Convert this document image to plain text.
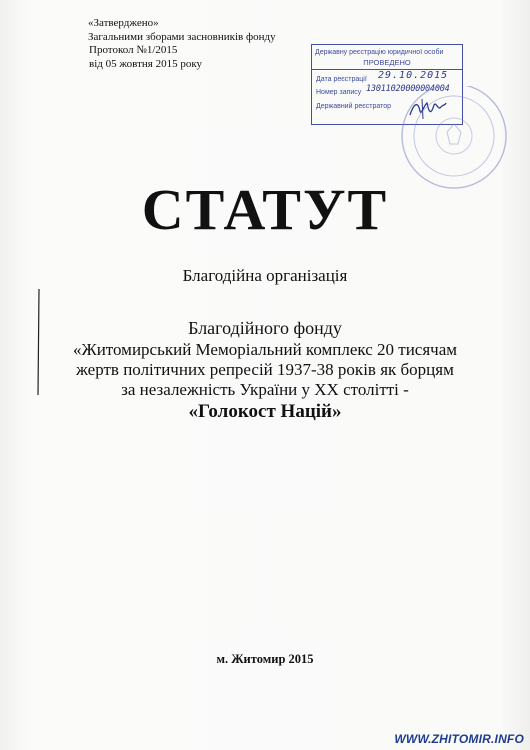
«Затверджено»
Загальними зборами засновників фонду
Протокол №1/2015
від 05 жовтня 2015 року
Державну реєстрацію юридичної особи
ПРОВЕДЕНО
Дата реєстрації 29.10.2015
Номер запису 13011020000004004
Державний реєстратор
СТАТУТ
Благодійна організація
Благодійного фонду
«Житомирський Меморіальний комплекс 20 тисячам
жертв політичних репресій 1937-38 років як борцям
за незалежність України у ХХ столітті -
«Голокост Націй»
м. Житомир 2015
WWW.ZHITOMIR.INFO
